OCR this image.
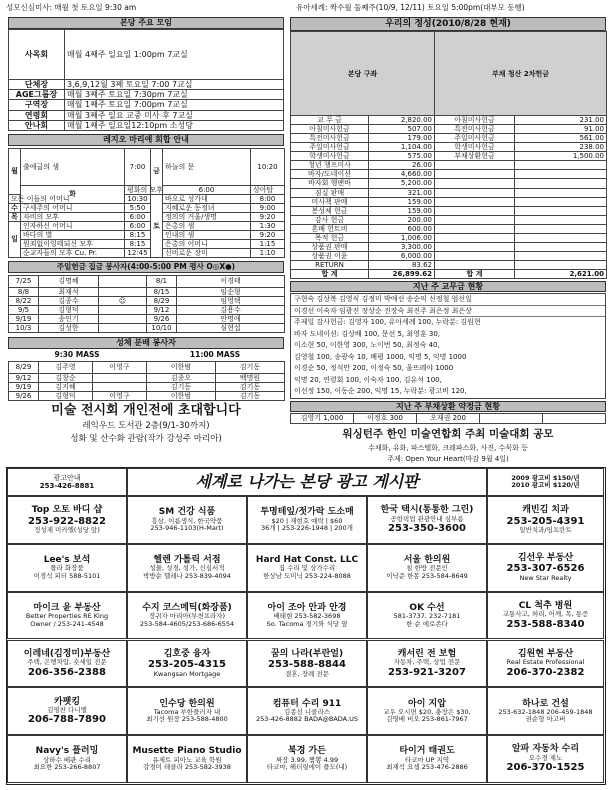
성모신심미사: 매월 첫 토요일 9:30 am	유아세례: 짝수월 둘째주(10/9, 12/11) 토요일 5:00pm(대부모 동행)
본당 주요 모임
사목회	매월 4째주 일요일 1:00pm 7교실
단체장	3,6,9,12월 3째 토요일 7:00 7교실
AGE그룹장	매월 3째주 토요일 7:30pm 7교실
구역장	매월 1째주 토요일 7:00pm 7교실
연령회	매월 3째주 일요 교중 미사 후 7교실
안나회	매월 1째주 일요일12:10pm 소성당
레지오 마리애 회합 안내
월	출애굽의 샘	7:00	금	하늘의 문	10:20	
	화	평화의 모후		6:00	상아탑	
모든 이들의 어머니		10:30	토	바오로 성가대	8:00	
수	구세주의 어머니	5:50		지혜로운 동정녀	9:00	
목	자비의 모후	6:00		정의의 거울/생명	9:20	
일	인자하신 어머니	6:00		은총의 샘	1:30	
	바다의 별	8:15		인내의 샘	9:20	
	원죄없이잉태되신 모후	8:15		은총의 어머니	1:15	
	순교자들의 모후 Cu. Pr.	12:45		신비로운 장미	1:10	
주일헌금 집금 봉사자(4:00-5:00 PM 평사 O◎X●)
7/25	김명혜		8/1	이경태
8/8	최재석		8/15	임순형
8/22	김종수	☺	8/29	임영택
9/5	김형덕		9/12	김용수
9/19	송인기		9/26	안명애
10/3	김성한		10/10	심현섭
성체 분배 봉사자
9:30 MASS	11:00 MASS
8/29	김주영	이영구	이한범	김기동
9/12	김창순		김종오	백명원
9/19	김지혜		김기동	김기동
9/26	김형덕	이영구	이한범	김기동
미술 전시회 개인전에 초대합니다
레익우드 도서관 2층(9/1-30까지)
성화 및 산수화 관람(작가 강성주 마리아)
우리의 정성(2010/8/28 현재)
본당 구좌		부채 청산 2차헌금	
교 무 금	2,820.00	아침미사헌금	231.00
아침미사헌금	507.00	특전미사헌금	91.00
특전미사헌금	179.00	주일미사헌금	561.00
주일미사헌금	1,104.00	학생미사헌금	238.00
학생미사헌금	575.00	부채상환헌금	1,500.00
청년 챙프미사	26.00		
바자/도네이션	4,660.00		
바자회 행팬바	5,200.00		
짐실 판매	321.00		
미사책 판매	159.00		
봉성체 헌금	159.00		
감사 헌금	200.00		
혼배 헌트비	600.00		
목적 헌금	1,006.00		
상품권 판매	3,300.00		
상품권 이윤	6,000.00		
RETURN	83.62		
합 계	26,899.62	합 계	2,621.00
지난 주 교무금 현황
구현숙 김상복 김영식 김정미 박애선 송순익 신정철 엄선일
이경선 이숙자 임광진 장상순 진장숙 최진주 최은정 최은상
주제일 감사헌금: 김영자 100, 유아세례 100, 누락분: 김원현
바자 도네이션: 김상배 100, 문선 5, 최영훈 30,
이소현 50, 이한영 300, 노이번 50, 최정숙 40,
김영철 100, 송광숙 10, 배평 1000, 익명 5, 익명 1000
이경순 50, 정석만 200, 이정숙 50, 울뜨레야 1000
익명 20, 연령회 100, 이숙자 100, 김유석 100,
이선정 150, 이동순 200, 익명 15, 누락분: 광고비 120,
지난 주 부채상환 약정금 현황
김영기 1,000	이정호 300	오재권 200		
워싱턴주 한인 미술연합회 주최 미술대회 공모
수채화, 유화, 파스텔화, 크레파스화, 사진, 수묵화 등
주제: Open Your Heart(마감 9월 4일)
광고안내
253-426-8881	세계로 나가는 본당 광고 게시판	2009 광고비 $150/년
2010 광고비 $120/년
Top 오토 바디 샵
253-922-8822
정성재 미카엘(성당 앞)
SM 건강 식품
흥삼, 이름생식, 한국약품
253-946-1103(H-Mart)
투명테잎/젓가락 도소매
$20 | 재현호 예락 | $60
36개 | 253-226-1948 | 200개
한국 택시(통통한 그린)
공항픽업 관광안내 심부름
253-350-3600
캐빈김 치과
253-205-4391
일반치과/임프란트
Lee's 보석
폴라 화장품
이경석 피터 588-5101
헬렌 가톨릭 서점
성물, 성경, 성가, 신심서적
박방순 헬레나 253-839-4094
Hard Hat Const. LLC
집 수리 및 상가수리
한상남 도미닉 253-224-8088
서울 한의원
침 한방 전문인
이낙준 한봉 253-584-8649
김선우 부동산
253-307-6526
New Star Realty
마이크 윤 부동산
Better Properties RE King
Owner / 253-241-4548
수지 코스메틱(화장품)
정귀자 마리아(부천프라자)
253-584-4605/253-686-6554
아이 조아 안과 안경
배태현 253-582-3698
So. Tacoma 경기와 식당 옆
OK 수선
581-3737, 232-7181
한 순 에로존다
CL 척추 병원
교통사고, 허리, 어깨, 목, 통증
253-588-8340
이레네(김정미)부동산
주택, 은행차압, 숏세일 전문
206-356-2388
김호중 융자
253-205-4315
Kwangsan Mortgage
꿈의 나라(부란얼)
253-588-8844
결혼, 장례 전문
캐서린 전 보험
자동차, 주택, 상업 전문
253-921-3207
김원현 부동산
Real Estate Professional
206-370-2382
카펫킹
김영찬 다니엘
206-788-7890
인수당 한의원
Tacoma 부한플러자 내
최기선 원장 253-588-4800
컴퓨터 수리 911
김종선 니콜라스
253-426-8882 BADA@BADA.US
아이 지압
교우 오시면 $20, 충장은 $30,
김영배 비오 253-861-7967
하나로 건설
253-632-1848 206-459-1848
권순형 아고버
Navy's 플러밍
상하수 배관 수리
최요한 253-266-8807
Musette Piano Studio
유제트 피아노 교육 학원
강경미 테클라 253-582-3938
북경 가든
짜장 3.99, 짬뽕 4.99
타코마, 헤더링에이 플도(내)
타이거 태권도
타코마 UP 지역
최재석 요셉 253-476-2886
알파 자동차 수리
오수경 제노
206-370-1525
